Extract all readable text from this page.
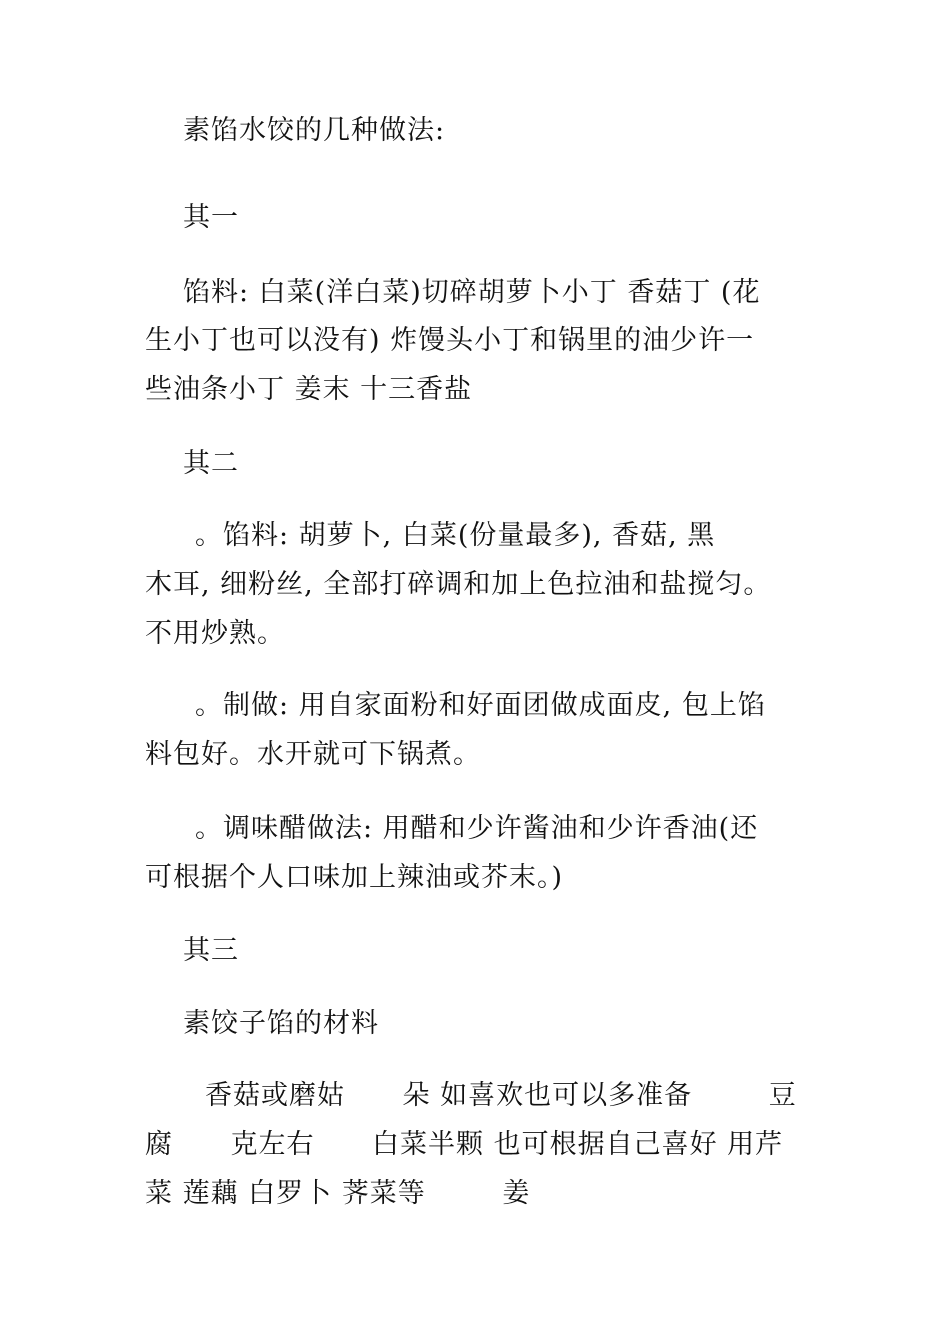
素馅水饺的几种做法:
其一
馅料: 白菜(洋白菜)切碎胡萝卜小丁 香菇丁 (花
生小丁也可以没有) 炸馒头小丁和锅里的油少许一
些油条小丁 姜末 十三香盐
其二
。馅料: 胡萝卜, 白菜(份量最多), 香菇, 黑
木耳, 细粉丝, 全部打碎调和加上色拉油和盐搅匀。
不用炒熟。
。制做: 用自家面粉和好面团做成面皮, 包上馅
料包好。水开就可下锅煮。
。调味醋做法: 用醋和少许酱油和少许香油(还
可根据个人口味加上辣油或芥末。)
其三
素饺子馅的材料
香菇或磨姑      朵 如喜欢也可以多准备        豆
腐      克左右      白菜半颗 也可根据自己喜好 用芹
菜 莲藕 白罗卜 荠菜等        姜
